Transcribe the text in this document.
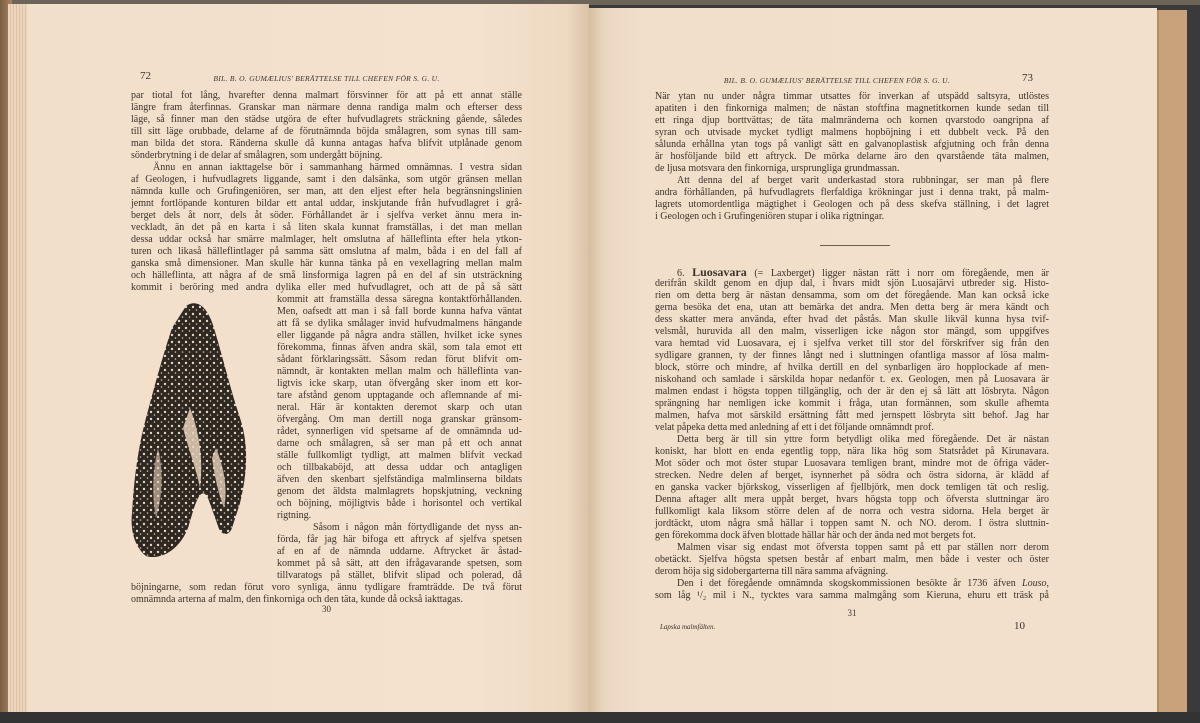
72	BIL. B. O. GUMÆLIUS' BERÄTTELSE TILL CHEFEN FÖR S. G. U.
par tiotal fot lång, hvarefter denna malmart försvinner för att på ett annat ställe
längre fram återfinnas. Granskar man närmare denna randiga malm och efterser dess
läge, så finner man den städse utgöra de efter hufvudlagrets sträckning gående, således
till sitt läge orubbade, delarne af de förutnämnda böjda smålagren, som synas till sam-
man bilda det stora. Ränderna skulle då kunna antagas hafva blifvit utplånade genom
sönderbrytning i de delar af smålagren, som undergått böjning.
Ännu en annan iakttagelse bör i sammanhang härmed omnämnas. I vestra sidan
af Geologen, i hufvudlagrets liggande, samt i den dalsänka, som utgör gränsen mellan
nämnda kulle och Grufingeniören, ser man, att den eljest efter hela begränsningslinien
jemnt fortlöpande konturen bildar ett antal uddar, inskjutande från hufvudlagret i grå-
berget dels åt norr, dels åt söder. Förhållandet är i sjelfva verket ännu mera in-
veckladt, än det på en karta i så liten skala kunnat framställas, i det man mellan
dessa uddar också har smärre malmlager, helt omslutna af hälleflinta efter hela ytkon-
turen och likaså hälleflintlager på samma sätt omslutna af malm, båda i en del fall af
ganska små dimensioner. Man skulle här kunna tänka på en vexellagring mellan malm
och hälleflinta, att några af de små linsformiga lagren på en del af sin utsträckning
kommit i beröring med andra dylika eller med hufvudlagret, och att de på så sätt
kommit att framställa dessa säregna kontaktförhållanden.
Men, oafsedt att man i så fall borde kunna hafva väntat
att få se dylika smålager invid hufvudmalmens hängande
eller liggande på några andra ställen, hvilket icke synes
förekomma, finnas äfven andra skäl, som tala emot ett
sådant förklaringssätt. Såsom redan förut blifvit om-
nämndt, är kontakten mellan malm och hälleflinta van-
ligtvis icke skarp, utan öfvergång sker inom ett kor-
tare afstånd genom upptagande och aflemnande af mi-
neral. Här är kontakten deremot skarp och utan
öfvergång. Om man dertill noga granskar gränsom-
rådet, synnerligen vid spetsarne af de omnämnda ud-
darne och smålagren, så ser man på ett och annat
ställe fullkomligt tydligt, att malmen blifvit veckad
och tillbakaböjd, att dessa uddar och antagligen
äfven den skenbart sjelfständiga malmlinserna bildats
genom det äldsta malmlagrets hopskjutning, veckning
och böjning, möjligtvis både i horisontel och vertikal
rigtning.
Såsom i någon mån förtydligande det nyss an-
förda, får jag här bifoga ett aftryck af sjelfva spetsen
af en af de nämnda uddarne. Aftrycket är åstad-
kommet på så sätt, att den ifrågavarande spetsen, som
tillvaratogs på stället, blifvit slipad och polerad, då
böjningarne, som redan förut voro synliga, ännu tydligare framträdde. De två förut
omnämnda arterna af malm, den finkorniga och den täta, kunde då också iakttagas.
30
BIL. B. O. GUMÆLIUS' BERÄTTELSE TILL CHEFEN FÖR S. G. U.	73
När ytan nu under några timmar utsattes för inverkan af utspädd saltsyra, utlöstes
apatiten i den finkorniga malmen; de nästan stoftfina magnetitkornen kunde sedan till
ett ringa djup borttvättas; de täta malmränderna och kornen qvarstodo oangripna af
syran och utvisade mycket tydligt malmens hopböjning i ett dubbelt veck. På den
sålunda erhållna ytan togs på vanligt sätt en galvanoplastisk afgjutning och från denna
är hosföljande bild ett aftryck. De mörka delarne äro den qvarstående täta malmen,
de ljusa motsvara den finkorniga, ursprungliga grundmassan.
Att denna del af berget varit underkastad stora rubbningar, ser man på flere
andra förhållanden, på hufvudlagrets flerfaldiga krökningar just i denna trakt, på malm-
lagrets utomordentliga mägtighet i Geologen och på dess skefva ställning, i det lagret
i Geologen och i Grufingeniören stupar i olika rigtningar.
6. Luosavara (= Laxberget) ligger nästan rätt i norr om föregående, men är
derifrån skildt genom en djup dal, i hvars midt sjön Luosajärvi utbreder sig. Histo-
rien om detta berg är nästan densamma, som om det föregående. Man kan också icke
gerna besöka det ena, utan att bemärka det andra. Men detta berg är mera kändt och
dess skatter mera använda, efter hvad det påstås. Man skulle likväl kunna hysa tvif-
velsmål, huruvida all den malm, visserligen icke någon stor mängd, som uppgifves
vara hemtad vid Luosavara, ej i sjelfva verket till stor del förskrifver sig från den
sydligare grannen, ty der finnes långt ned i sluttningen ofantliga massor af lösa malm-
block, större och mindre, af hvilka dertill en del synbarligen äro hopplockade af men-
niskohand och samlade i särskilda hopar nedanför t. ex. Geologen, men på Luosavara är
malmen endast i högsta toppen tillgänglig, och der är den ej så lätt att lösbryta. Någon
sprängning har nemligen icke kommit i fråga, utan formännen, som skulle afhemta
malmen, hafva mot särskild ersättning fått med jernspett lösbryta sitt behof. Jag har
velat påpeka detta med anledning af ett i det följande omnämndt prof.
Detta berg är till sin yttre form betydligt olika med föregående. Det är nästan
koniskt, har blott en enda egentlig topp, nära lika hög som Statsrådet på Kirunavara.
Mot söder och mot öster stupar Luosavara temligen brant, mindre mot de öfriga väder-
strecken. Nedre delen af berget, isynnerhet på södra och östra sidorna, är klädd af
en ganska vacker björkskog, visserligen af fjellbjörk, men dock temligen tät och reslig.
Denna aftager allt mera uppåt berget, hvars högsta topp och öfversta sluttningar äro
fullkomligt kala liksom större delen af de norra och vestra sidorna. Hela berget är
jordtäckt, utom några små hällar i toppen samt N. och NO. derom. I östra sluttnin-
gen förekomma dock äfven blottade hällar här och der ända ned mot bergets fot.
Malmen visar sig endast mot öfversta toppen samt på ett par ställen norr derom
obetäckt. Sjelfva högsta spetsen består af enbart malm, men både i vester och öster
derom höja sig sidobergarterna till nära samma afvägning.
Den i det föregående omnämnda skogskommissionen besökte år 1736 äfven Louso,
som låg ¹/₂ mil i N., tycktes vara samma malmgång som Kieruna, ehuru ett träsk på
31
Lapska malmfälten.	10
